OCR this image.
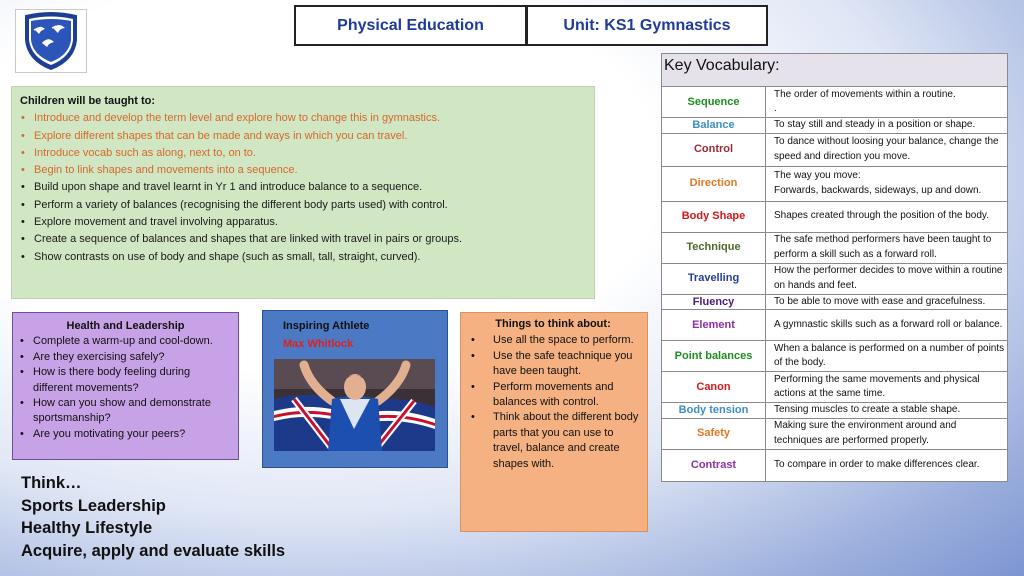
Physical Education	Unit: KS1 Gymnastics
Children will be taught to:
• Introduce and develop the term level and explore how to change this in gymnastics.
• Explore different shapes that can be made and ways in which you can travel.
• Introduce vocab such as along, next to, on to.
• Begin to link shapes and movements into a sequence.
• Build upon shape and travel learnt in Yr 1 and introduce balance to a sequence.
• Perform a variety of balances (recognising the different body parts used) with control.
• Explore movement and travel involving apparatus.
• Create a sequence of balances and shapes that are linked with travel in pairs or groups.
• Show contrasts on use of body and shape (such as small, tall, straight, curved).
Health and Leadership
• Complete a warm-up and cool-down.
• Are they exercising safely?
• How is there body feeling during different movements?
• How can you show and demonstrate sportsmanship?
• Are you motivating your peers?
Inspiring Athlete
Max Whitlock
Things to think about:
• Use all the space to perform.
• Use the safe teachnique you have been taught.
• Perform movements and balances with control.
• Think about the different body parts that you can use to travel, balance and create shapes with.
Think…
Sports Leadership
Healthy Lifestyle
Acquire, apply and evaluate skills
Key Vocabulary:
Sequence	The order of movements within a routine.
.
Balance	To stay still and steady in a position or shape.
Control	To dance without loosing your balance, change the speed and direction you move.
Direction	The way you move:
Forwards, backwards, sideways, up and down.
Body Shape	Shapes created through the position of the body.
Technique	The safe method performers have been taught to perform a skill such as a forward roll.
Travelling	How the performer decides to move within a routine on hands and feet.
Fluency	To be able to move with ease and gracefulness.
Element	A gymnastic skills such as a forward roll or balance.
Point balances	When a balance is performed on a number of points of the body.
Canon	Performing the same movements and physical actions at the same time.
Body tension	Tensing muscles to create a stable shape.
Safety	Making sure the environment around and techniques are performed properly.
Contrast	To compare in order to make differences clear.
